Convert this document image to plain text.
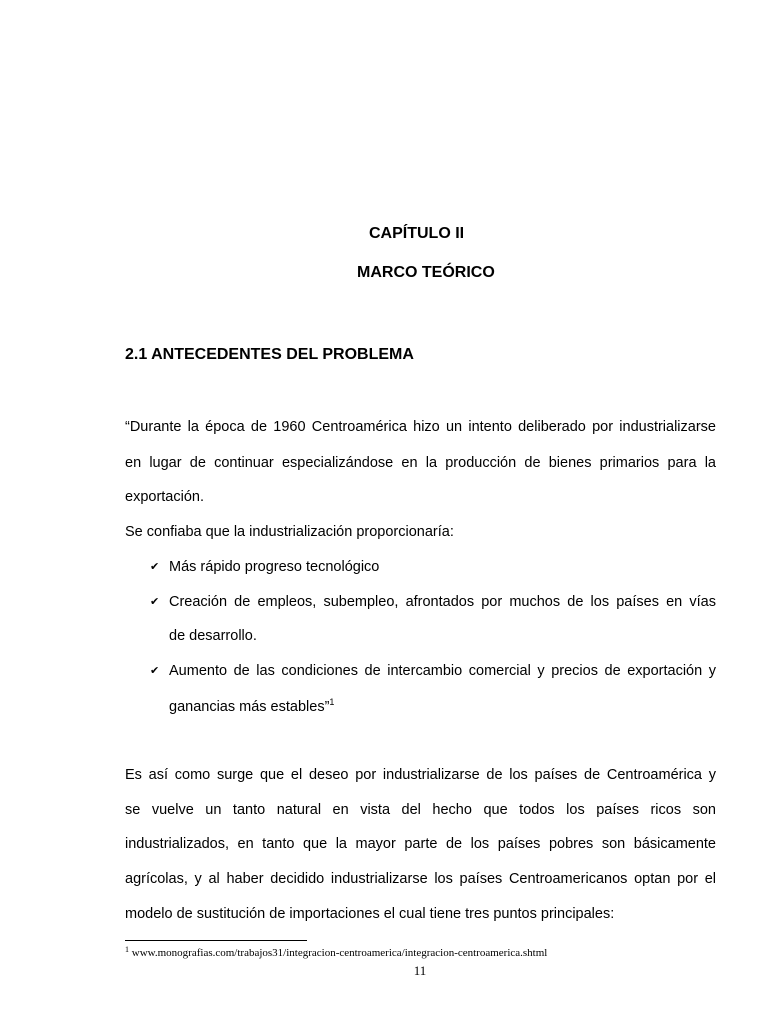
CAPÍTULO II
MARCO TEÓRICO
2.1 ANTECEDENTES DEL PROBLEMA
“Durante la época de 1960 Centroamérica hizo un intento deliberado por industrializarse
en lugar de continuar especializándose en la producción de bienes primarios para la
exportación.
Se confiaba que la industrialización proporcionaría:
✔ Más rápido progreso tecnológico
✔ Creación de empleos, subempleo, afrontados por muchos de los países en vías
de desarrollo.
✔ Aumento de las condiciones de intercambio comercial y precios de exportación y
ganancias más estables”$^1$
Es así como surge que el deseo por industrializarse de los países de Centroamérica y
se vuelve un tanto natural en vista del hecho que todos los países ricos son
industrializados, en tanto que la mayor parte de los países pobres son básicamente
agrícolas, y al haber decidido industrializarse los países Centroamericanos optan por el
modelo de sustitución de importaciones el cual tiene tres puntos principales:
$^1$ www.monografias.com/trabajos31/integracion-centroamerica/integracion-centroamerica.shtml
11
